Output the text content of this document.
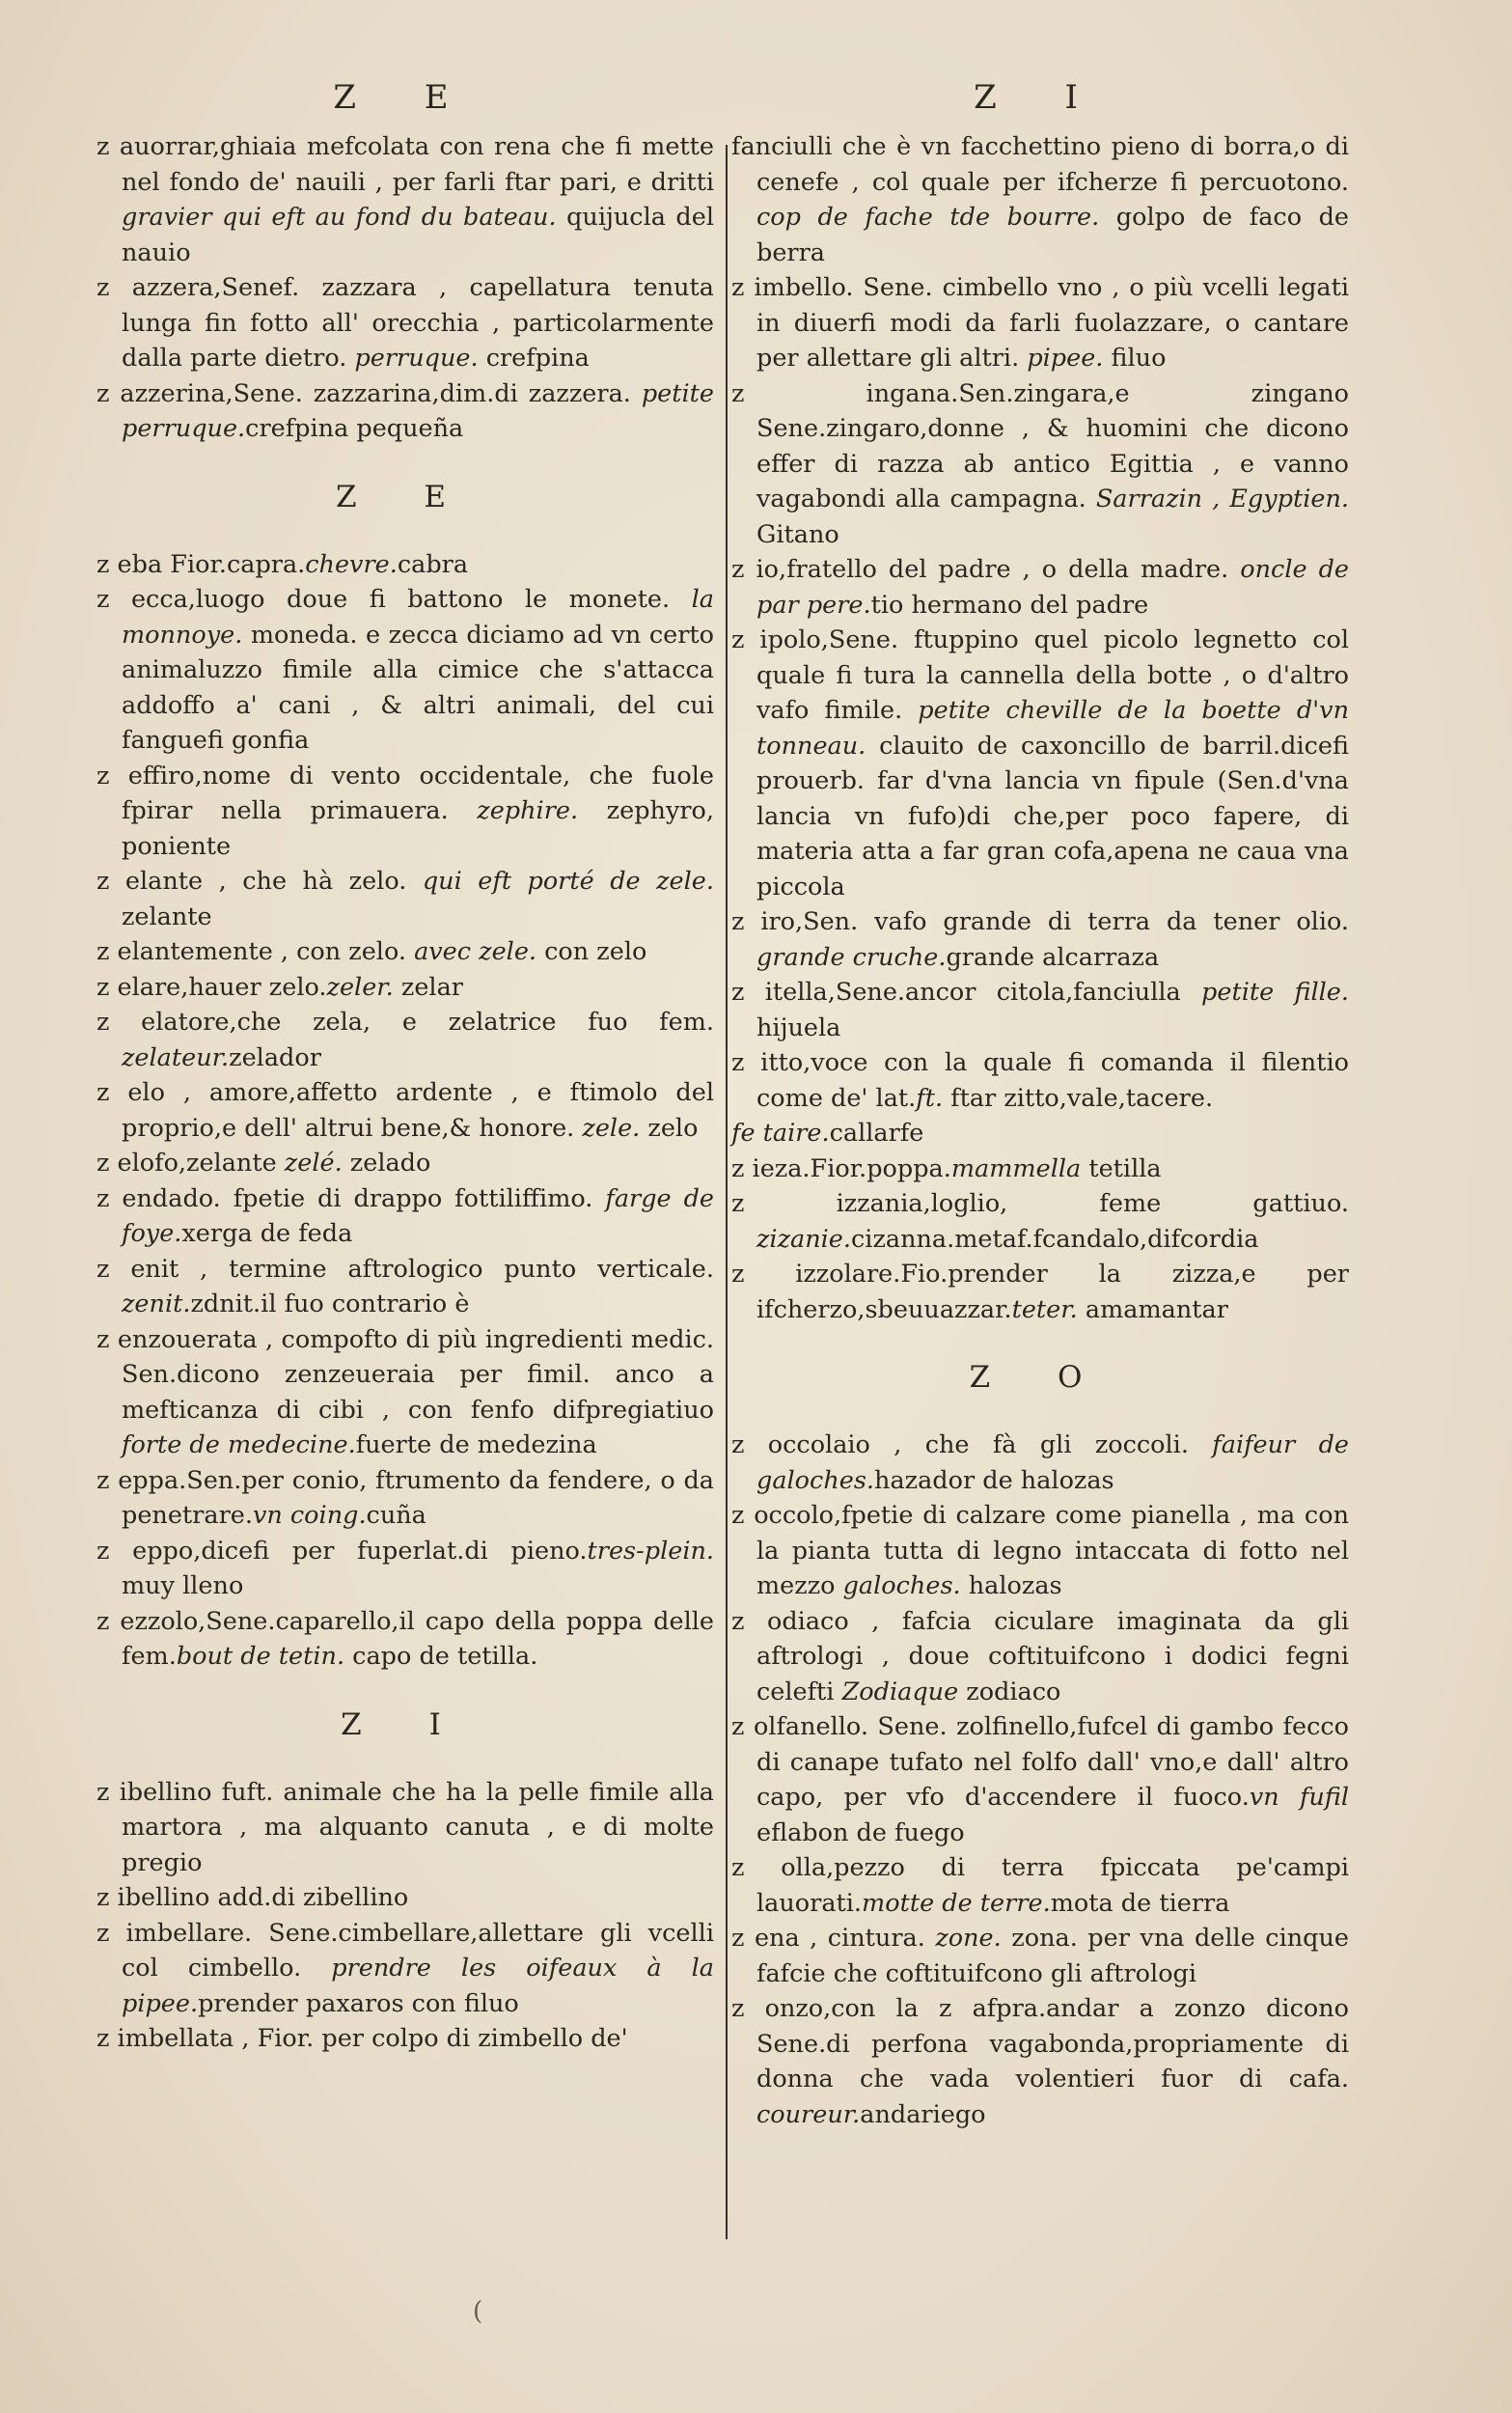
Z E
z auorrar,ghiaia mefcolata con rena che fi mette nel fondo de' nauili , per farli ftar pari, e dritti gravier qui eft au fond du bateau. quijucla del nauio
z azzera,Senef. zazzara , capellatura tenuta lunga fin fotto all' orecchia , particolarmente dalla parte dietro. perruque. crefpina
z azzerina,Sene. zazzarina,dim.di zazzera. petite perruque.crefpina pequeña
Z E
z eba Fior.capra.chevre.cabra
z ecca,luogo doue fi battono le monete. la monnoye. moneda. e zecca diciamo ad vn certo animaluzzo fimile alla cimice che s'attacca addoffo a' cani , & altri animali, del cui fanguefi gonfia
z effiro,nome di vento occidentale, che fuole fpirar nella primauera. zephire. zephyro, poniente
z elante , che hà zelo. qui eft porté de zele. zelante
z elantemente , con zelo. avec zele. con zelo
z elare,hauer zelo.zeler. zelar
z elatore,che zela, e zelatrice fuo fem. zelateur.zelador
z elo , amore,affetto ardente , e ftimolo del proprio,e dell' altrui bene,& honore. zele. zelo
z elofo,zelante zelé. zelado
z endado. fpetie di drappo fottiliffimo. farge de foye.xerga de feda
z enit , termine aftrologico punto verticale. zenit.zdnit.il fuo contrario è
z enzouerata , compofto di più ingredienti medic. Sen.dicono zenzeueraia per fimil. anco a mefticanza di cibi , con fenfo difpregiatiuo forte de medecine.fuerte de medezina
z eppa.Sen.per conio, ftrumento da fendere, o da penetrare.vn coing.cuña
z eppo,dicefi per fuperlat.di pieno.tres-plein. muy lleno
z ezzolo,Sene.caparello,il capo della poppa delle fem.bout de tetin. capo de tetilla.
Z I
z ibellino fuft. animale che ha la pelle fimile alla martora , ma alquanto canuta , e di molte pregio
z ibellino add.di zibellino
z imbellare. Sene.cimbellare,allettare gli vcelli col cimbello. prendre les oifeaux à la pipee.prender paxaros con filuo
z imbellata , Fior. per colpo di zimbello de'
Z I
fanciulli che è vn facchettino pieno di borra,o di cenefe , col quale per ifcherze fi percuotono. cop de fache tde bourre. golpo de faco de berra
z imbello. Sene. cimbello vno , o più vcelli legati in diuerfi modi da farli fuolazzare, o cantare per allettare gli altri. pipee. filuo
z ingana.Sen.zingara,e zingano Sene.zingaro,donne , & huomini che dicono effer di razza ab antico Egittia , e vanno vagabondi alla campagna. Sarrazin , Egyptien. Gitano
z io,fratello del padre , o della madre. oncle de par pere.tio hermano del padre
z ipolo,Sene. ftuppino quel picolo legnetto col quale fi tura la cannella della botte , o d'altro vafo fimile. petite cheville de la boette d'vn tonneau. clauito de caxoncillo de barril.dicefi prouerb. far d'vna lancia vn fipule (Sen.d'vna lancia vn fufo)di che,per poco fapere, di materia atta a far gran cofa,apena ne caua vna piccola
z iro,Sen. vafo grande di terra da tener olio. grande cruche.grande alcarraza
z itella,Sene.ancor citola,fanciulla petite fille. hijuela
z itto,voce con la quale fi comanda il filentio come de' lat.ft. ftar zitto,vale,tacere.
fe taire.callarfe
z ieza.Fior.poppa.mammella tetilla
z izzania,loglio, feme gattiuo. zizanie.cizanna.metaf.fcandalo,difcordia
z izzolare.Fio.prender la zizza,e per ifcherzo,sbeuuazzar.teter. amamantar
Z O
z occolaio , che fà gli zoccoli. faifeur de galoches.hazador de halozas
z occolo,fpetie di calzare come pianella , ma con la pianta tutta di legno intaccata di fotto nel mezzo galoches. halozas
z odiaco , fafcia ciculare imaginata da gli aftrologi , doue coftituifcono i dodici fegni celefti Zodiaque zodiaco
z olfanello. Sene. zolfinello,fufcel di gambo fecco di canape tufato nel folfo dall' vno,e dall' altro capo, per vfo d'accendere il fuoco.vn fufil eflabon de fuego
z olla,pezzo di terra fpiccata pe'campi lauorati.motte de terre.mota de tierra
z ena , cintura. zone. zona. per vna delle cinque fafcie che coftituifcono gli aftrologi
z onzo,con la z afpra.andar a zonzo dicono Sene.di perfona vagabonda,propriamente di donna che vada volentieri fuor di cafa. coureur.andariego
(
